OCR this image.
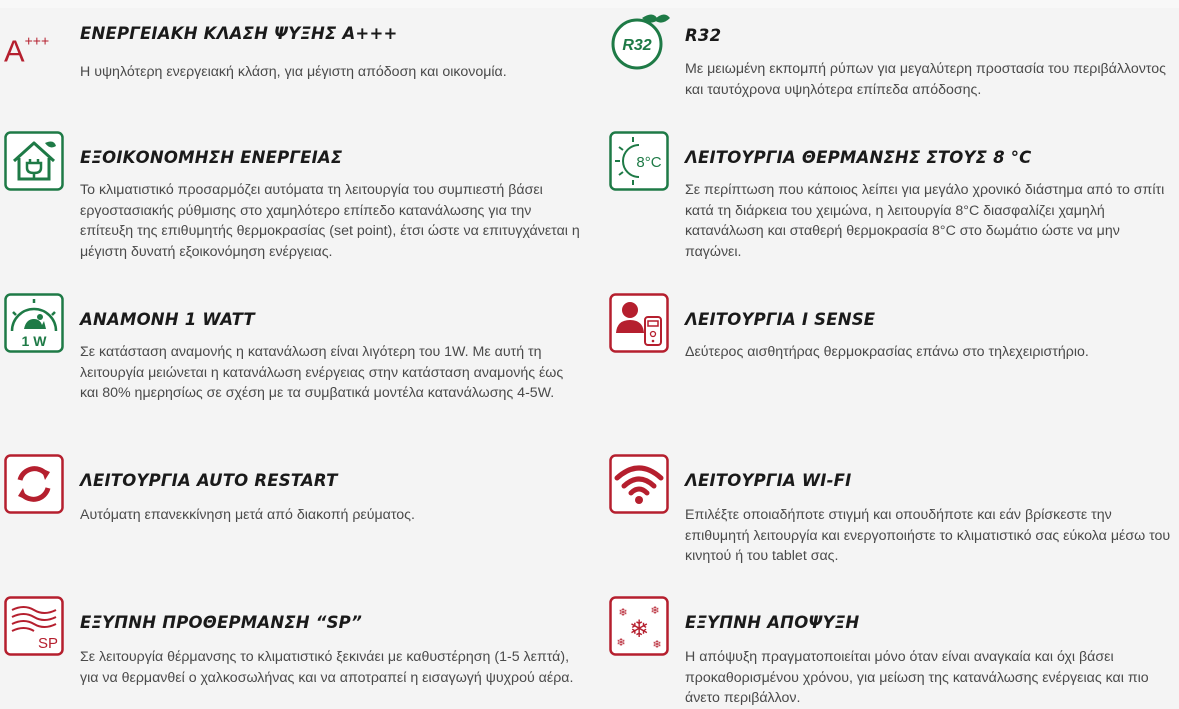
A +++ ΕΝΕΡΓΕΙΑΚΗ ΚΛΑΣΗ ΨΥΞΗΣ Α+++
Η υψηλότερη ενεργειακή κλάση, για μέγιστη απόδοση και οικονομία.
ΕΞΟΙΚΟΝΟΜΗΣΗ ΕΝΕΡΓΕΙΑΣ
Το κλιματιστικό προσαρμόζει αυτόματα τη λειτουργία του συμπιεστή βάσει εργοστασιακής ρύθμισης στο χαμηλότερο επίπεδο κατανάλωσης για την επίτευξη της επιθυμητής θερμοκρασίας (set point), έτσι ώστε να επιτυγχάνεται η μέγιστη δυνατή εξοικονόμηση ενέργειας.
1 W
ΑΝΑΜΟΝΗ 1 WATT
Σε κατάσταση αναμονής η κατανάλωση είναι λιγότερη του 1W. Με αυτή τη λειτουργία μειώνεται η κατανάλωση ενέργειας στην κατάσταση αναμονής έως και 80% ημερησίως σε σχέση με τα συμβατικά μοντέλα κατανάλωσης 4-5W.
ΛΕΙΤΟΥΡΓΙΑ AUTO RESTART
Αυτόματη επανεκκίνηση μετά από διακοπή ρεύματος.
SP
ΕΞΥΠΝΗ ΠΡΟΘΕΡΜΑΝΣΗ “SP”
Σε λειτουργία θέρμανσης το κλιματιστικό ξεκινάει με καθυστέρηση (1-5 λεπτά), για να θερμανθεί ο χαλκοσωλήνας και να αποτραπεί η εισαγωγή ψυχρού αέρα.
R32
R32
Με μειωμένη εκπομπή ρύπων για μεγαλύτερη προστασία του περιβάλλοντος και ταυτόχρονα υψηλότερα επίπεδα απόδοσης.
8°C ΛΕΙΤΟΥΡΓΙΑ ΘΕΡΜΑΝΣΗΣ ΣΤΟΥΣ 8 °C
Σε περίπτωση που κάποιος λείπει για μεγάλο χρονικό διάστημα από το σπίτι κατά τη διάρκεια του χειμώνα, η λειτουργία 8°C διασφαλίζει χαμηλή κατανάλωση και σταθερή θερμοκρασία 8°C στο δωμάτιο ώστε να μην παγώνει.
ΛΕΙΤΟΥΡΓΙΑ I SENSE
Δεύτερος αισθητήρας θερμοκρασίας επάνω στο τηλεχειριστήριο.
ΛΕΙΤΟΥΡΓΙΑ WI-FI
Επιλέξτε οποιαδήποτε στιγμή και οπουδήποτε και εάν βρίσκεστε την επιθυμητή λειτουργία και ενεργοποιήστε το κλιματιστικό σας εύκολα μέσω του κινητού ή του tablet σας.
❄
❄ ❄
❄ ❄
ΕΞΥΠΝΗ ΑΠΟΨΥΞΗ
Η απόψυξη πραγματοποιείται μόνο όταν είναι αναγκαία και όχι βάσει προκαθορισμένου χρόνου, για μείωση της κατανάλωσης ενέργειας και πιο άνετο περιβάλλον.
